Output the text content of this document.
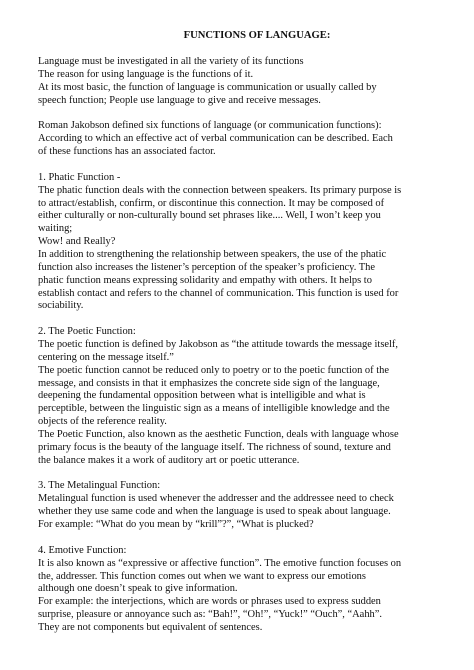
FUNCTIONS OF LANGUAGE:
Language must be investigated in all the variety of its functions
The reason for using language is the functions of it.
At its most basic, the function of language is communication or usually called by
speech function; People use language to give and receive messages.
Roman Jakobson defined six functions of language (or communication functions):
According to which an effective act of verbal communication can be described. Each
of these functions has an associated factor.
1. Phatic Function -
The phatic function deals with the connection between speakers. Its primary purpose is
to attract/establish, confirm, or discontinue this connection. It may be composed of
either culturally or non-culturally bound set phrases like.... Well, I won’t keep you
waiting;
Wow! and Really?
In addition to strengthening the relationship between speakers, the use of the phatic
function also increases the listener’s perception of the speaker’s proficiency. The
phatic function means expressing solidarity and empathy with others. It helps to
establish contact and refers to the channel of communication. This function is used for
sociability.
2. The Poetic Function:
The poetic function is defined by Jakobson as “the attitude towards the message itself,
centering on the message itself.”
The poetic function cannot be reduced only to poetry or to the poetic function of the
message, and consists in that it emphasizes the concrete side sign of the language,
deepening the fundamental opposition between what is intelligible and what is
perceptible, between the linguistic sign as a means of intelligible knowledge and the
objects of the reference reality.
The Poetic Function, also known as the aesthetic Function, deals with language whose
primary focus is the beauty of the language itself. The richness of sound, texture and
the balance makes it a work of auditory art or poetic utterance.
3. The Metalingual Function:
Metalingual function is used whenever the addresser and the addressee need to check
whether they use same code and when the language is used to speak about language.
For example: “What do you mean by “krill”?”, “What is plucked?
4. Emotive Function:
It is also known as “expressive or affective function”. The emotive function focuses on
the, addresser. This function comes out when we want to express our emotions
although one doesn’t speak to give information.
For example: the interjections, which are words or phrases used to express sudden
surprise, pleasure or annoyance such as: “Bah!”, “Oh!”, “Yuck!” “Ouch”, “Aahh”.
They are not components but equivalent of sentences.
